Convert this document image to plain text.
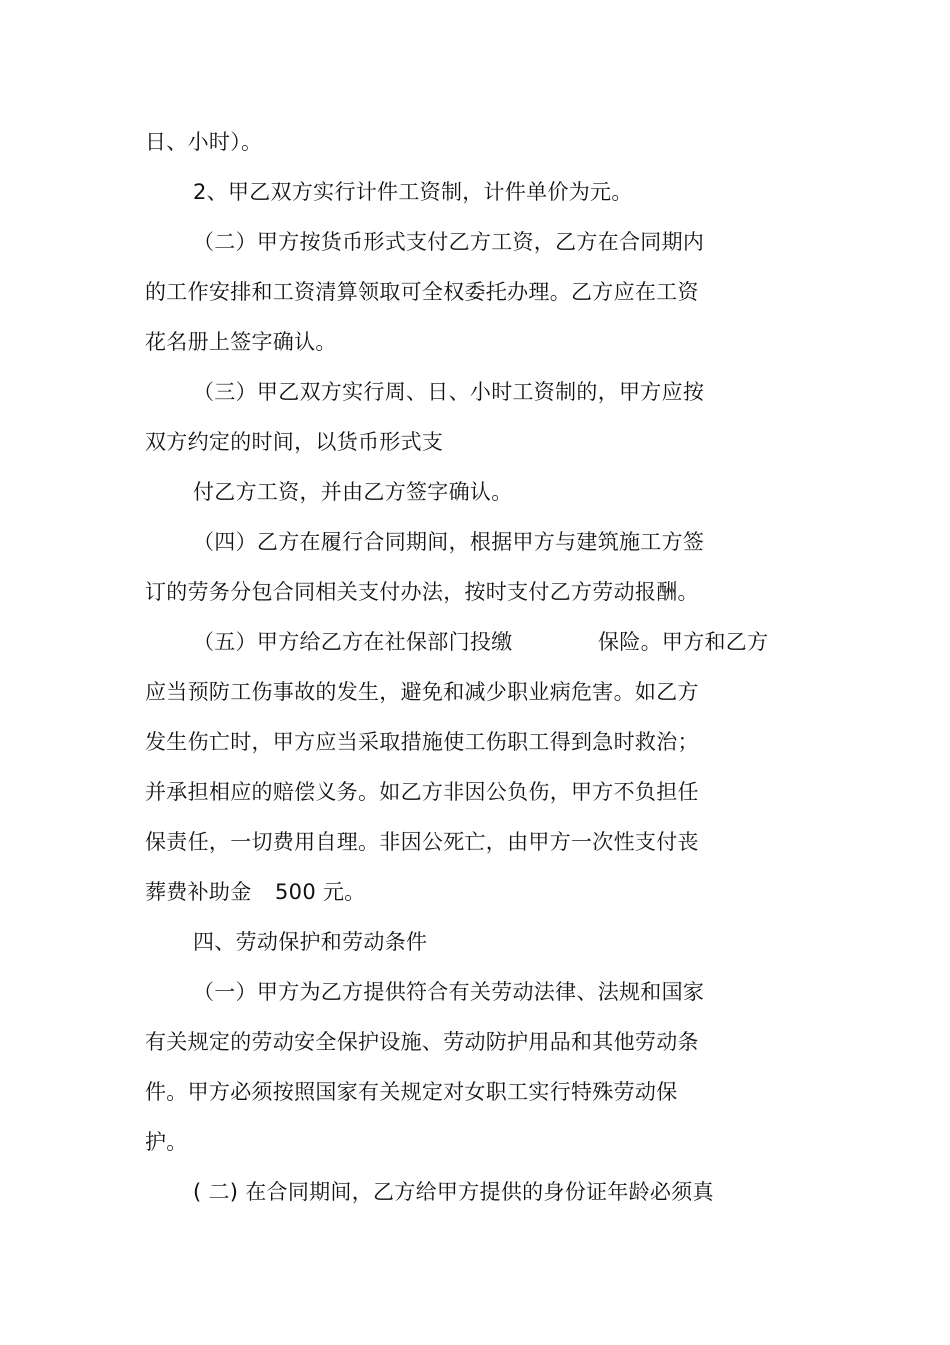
日、小时）。
2、甲乙双方实行计件工资制，计件单价为元。
（二）甲方按货币形式支付乙方工资，乙方在合同期内
的工作安排和工资清算领取可全权委托办理。乙方应在工资
花名册上签字确认。
（三）甲乙双方实行周、日、小时工资制的，甲方应按
双方约定的时间，以货币形式支
付乙方工资，并由乙方签字确认。
（四）乙方在履行合同期间，根据甲方与建筑施工方签
订的劳务分包合同相关支付办法，按时支付乙方劳动报酬。
（五）甲方给乙方在社保部门投缴	保险。甲方和乙方
应当预防工伤事故的发生，避免和减少职业病危害。如乙方
发生伤亡时，甲方应当采取措施使工伤职工得到急时救治；
并承担相应的赔偿义务。如乙方非因公负伤，甲方不负担任
保责任，一切费用自理。非因公死亡，由甲方一次性支付丧
葬费补助金 500 元。
四、劳动保护和劳动条件
（一）甲方为乙方提供符合有关劳动法律、法规和国家
有关规定的劳动安全保护设施、劳动防护用品和其他劳动条
件。甲方必须按照国家有关规定对女职工实行特殊劳动保
护。
( 二) 在合同期间，乙方给甲方提供的身份证年龄必须真
